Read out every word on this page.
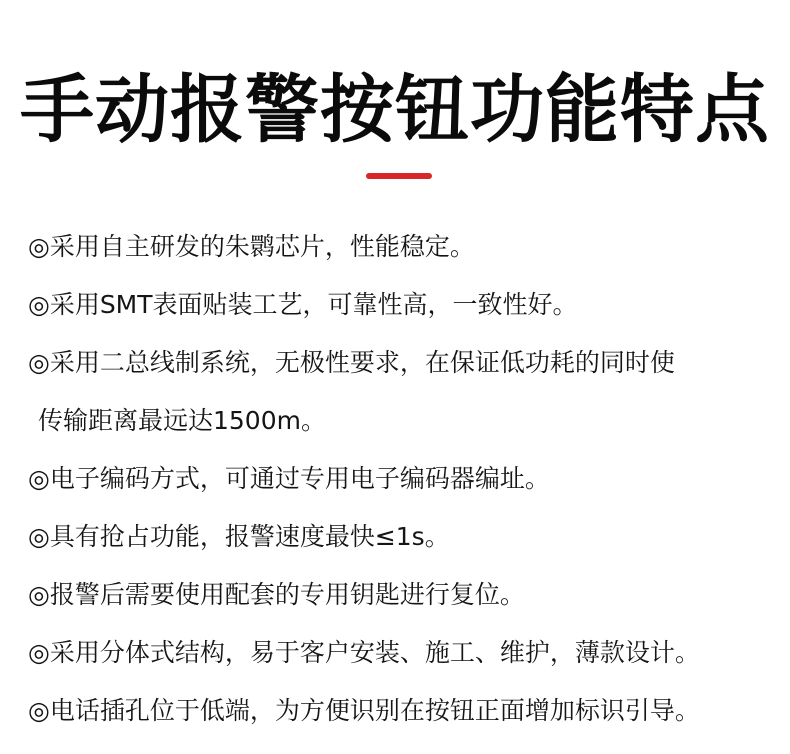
手动报警按钮功能特点
◎采用自主研发的朱鹮芯片，性能稳定。
◎采用SMT表面贴装工艺，可靠性高，一致性好。
◎采用二总线制系统，无极性要求，在保证低功耗的同时使
传输距离最远达1500m。
◎电子编码方式，可通过专用电子编码器编址。
◎具有抢占功能，报警速度最快≤1s。
◎报警后需要使用配套的专用钥匙进行复位。
◎采用分体式结构，易于客户安装、施工、维护，薄款设计。
◎电话插孔位于低端，为方便识别在按钮正面增加标识引导。
